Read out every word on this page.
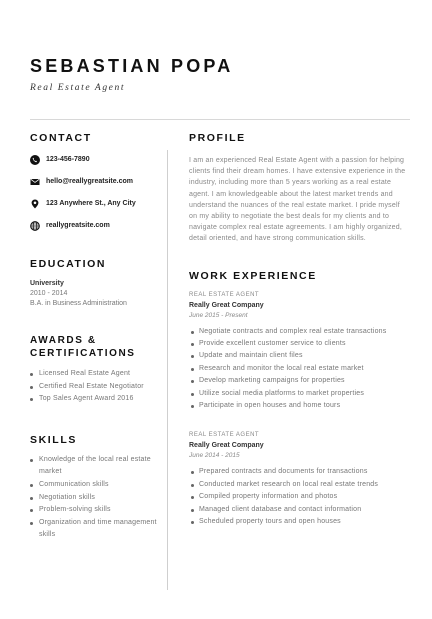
SEBASTIAN POPA
Real Estate Agent
CONTACT
123-456-7890
hello@reallygreatsite.com
123 Anywhere St., Any City
reallygreatsite.com
EDUCATION
University
2010 - 2014
B.A. in Business Administration
AWARDS &
CERTIFICATIONS
Licensed Real Estate Agent
Certified Real Estate Negotiator
Top Sales Agent Award 2016
SKILLS
Knowledge of the local real estate market
Communication skills
Negotiation skills
Problem-solving skills
Organization and time management skills
PROFILE
I am an experienced Real Estate Agent with a passion for helping clients find their dream homes. I have extensive experience in the industry, including more than 5 years working as a real estate agent. I am knowledgeable about the latest market trends and understand the nuances of the real estate market. I pride myself on my ability to negotiate the best deals for my clients and to navigate complex real estate agreements. I am highly organized, detail oriented, and have strong communication skills.
WORK EXPERIENCE
REAL ESTATE AGENT
Really Great Company
June 2015 - Present
Negotiate contracts and complex real estate transactions
Provide excellent customer service to clients
Update and maintain client files
Research and monitor the local real estate market
Develop marketing campaigns for properties
Utilize social media platforms to market properties
Participate in open houses and home tours
REAL ESTATE AGENT
Really Great Company
June 2014 - 2015
Prepared contracts and documents for transactions
Conducted market research on local real estate trends
Compiled property information and photos
Managed client database and contact information
Scheduled property tours and open houses
